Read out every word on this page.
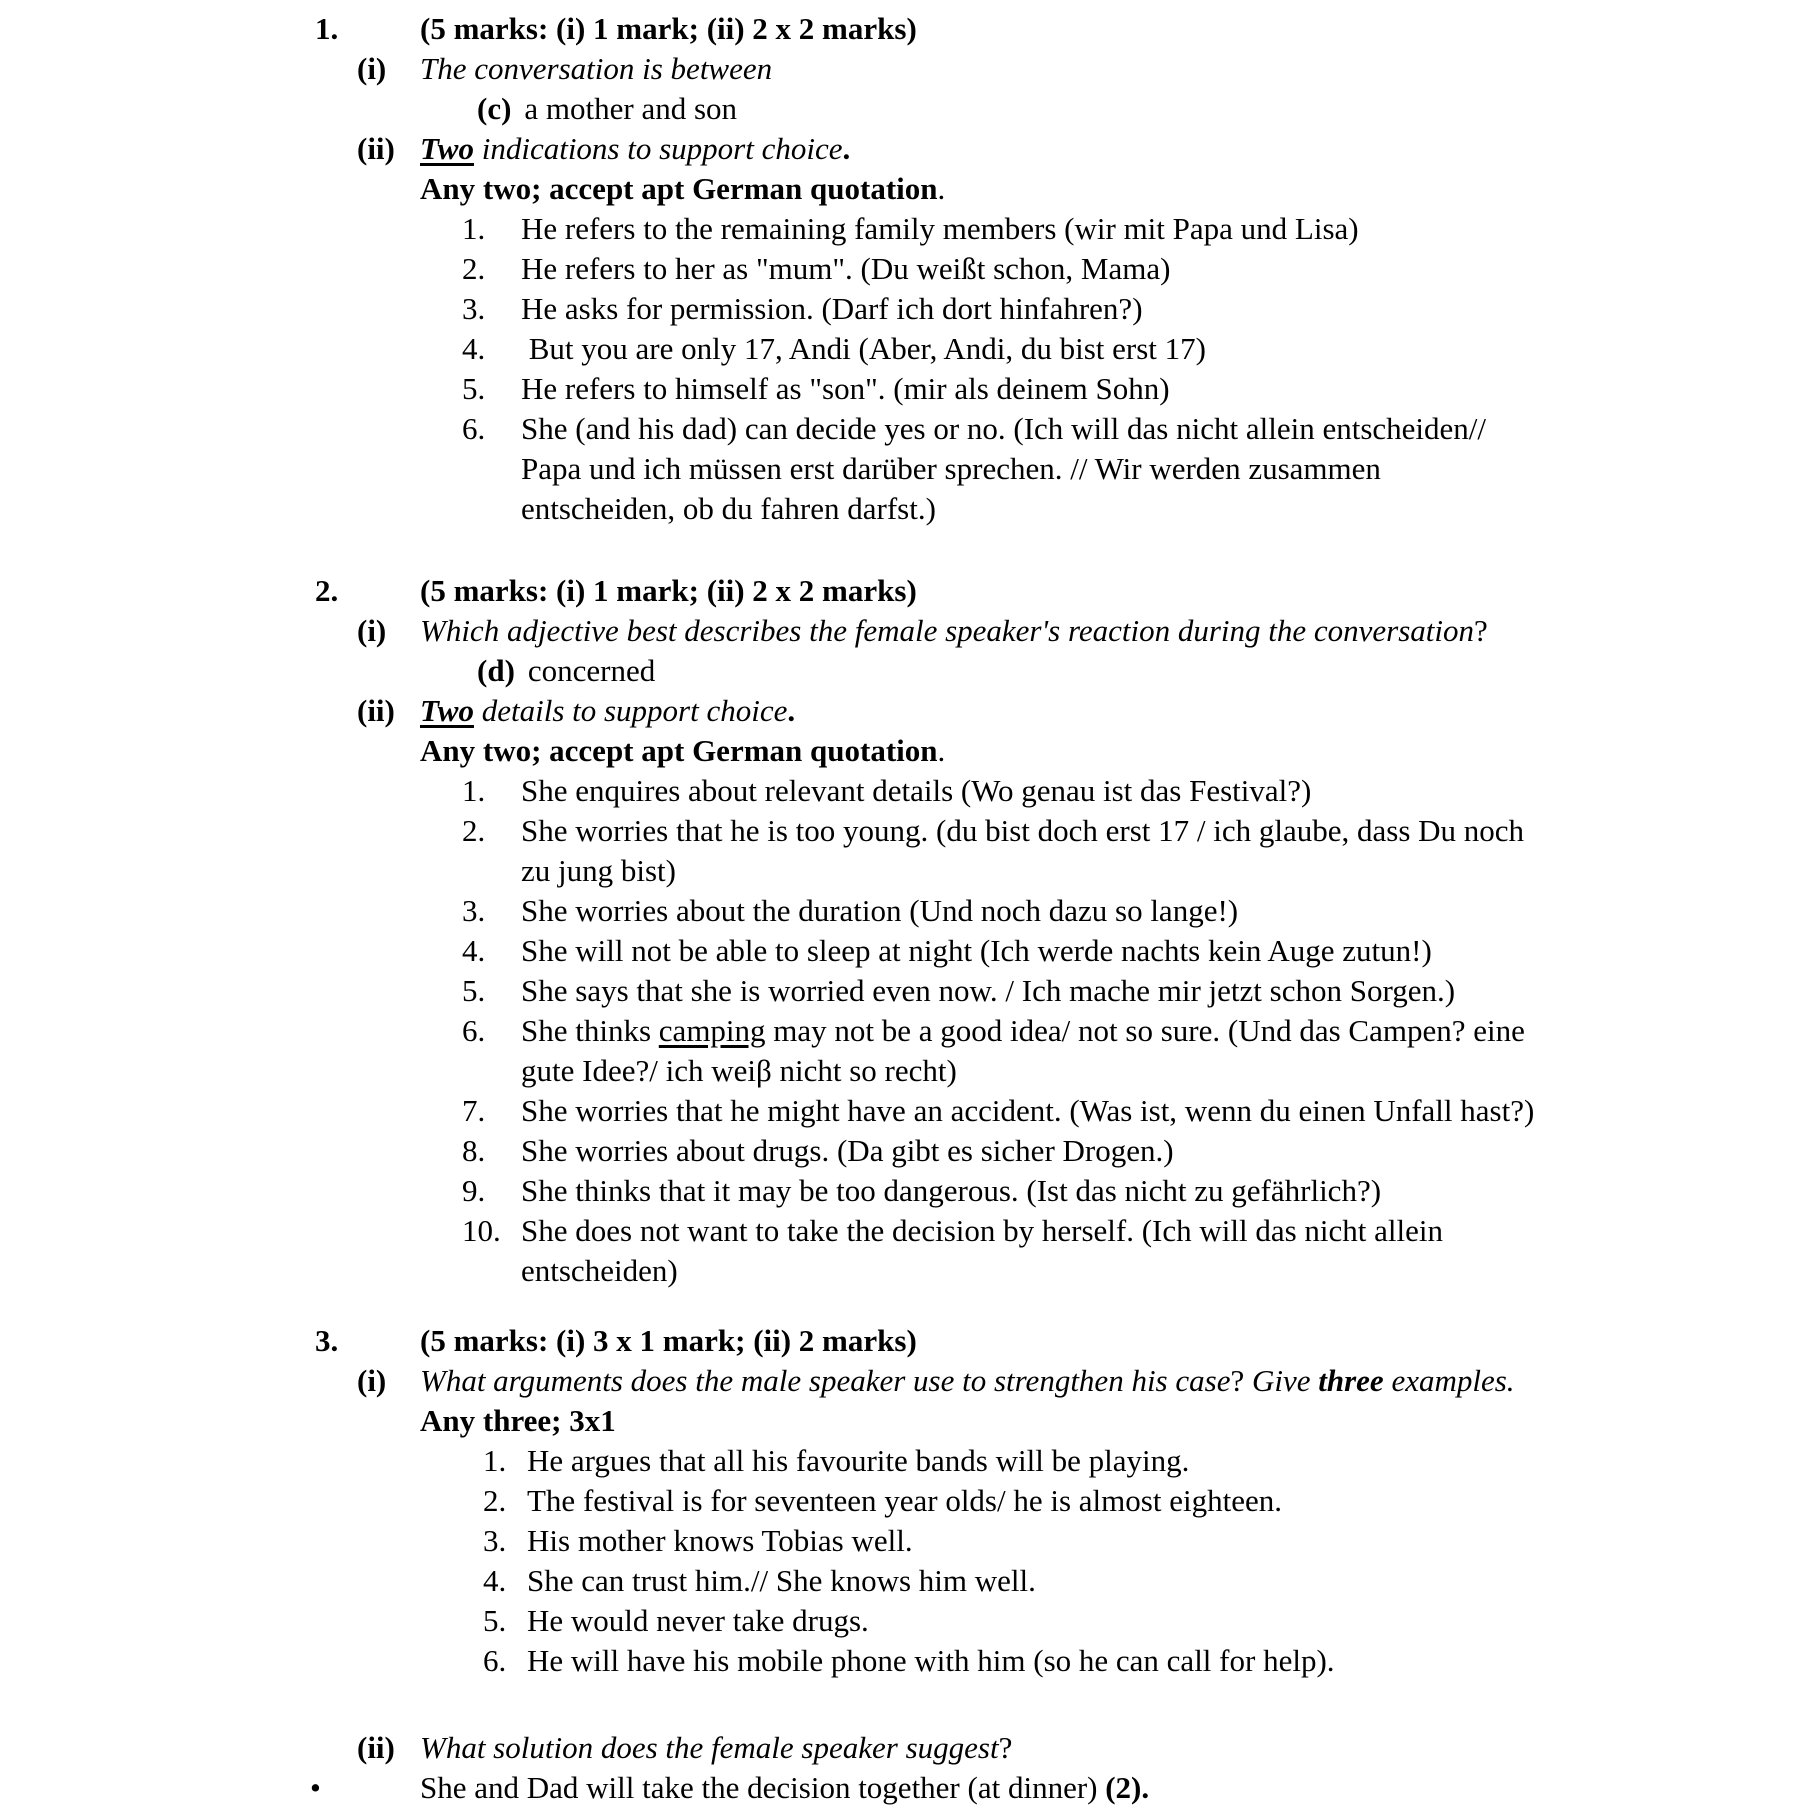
1.	(5 marks: (i) 1 mark; (ii) 2 x 2 marks)
(i)	The conversation is between
(c) a mother and son
(ii) Two indications to support choice.
Any two; accept apt German quotation.
1.	He refers to the remaining family members (wir mit Papa und Lisa)
2.	He refers to her as "mum". (Du weißt schon, Mama)
3.	He asks for permission. (Darf ich dort hinfahren?)
4.	But you are only 17, Andi (Aber, Andi, du bist erst 17)
5.	He refers to himself as "son". (mir als deinem Sohn)
6.	She (and his dad) can decide yes or no. (Ich will das nicht allein entscheiden//
Papa und ich müssen erst darüber sprechen. // Wir werden zusammen
entscheiden, ob du fahren darfst.)
2.	(5 marks: (i) 1 mark; (ii) 2 x 2 marks)
(i)	Which adjective best describes the female speaker's reaction during the conversation?
(d) concerned
(ii) Two details to support choice.
Any two; accept apt German quotation.
1.	She enquires about relevant details (Wo genau ist das Festival?)
2.	She worries that he is too young. (du bist doch erst 17 / ich glaube, dass Du noch
zu jung bist)
3.	She worries about the duration (Und noch dazu so lange!)
4.	She will not be able to sleep at night (Ich werde nachts kein Auge zutun!)
5.	She says that she is worried even now. / Ich mache mir jetzt schon Sorgen.)
6.	She thinks camping may not be a good idea/ not so sure. (Und das Campen? eine
gute Idee?/ ich weiβ nicht so recht)
7.	She worries that he might have an accident. (Was ist, wenn du einen Unfall hast?)
8.	She worries about drugs. (Da gibt es sicher Drogen.)
9.	She thinks that it may be too dangerous. (Ist das nicht zu gefährlich?)
10. She does not want to take the decision by herself. (Ich will das nicht allein
entscheiden)
3.	(5 marks: (i) 3 x 1 mark; (ii) 2 marks)
(i)	What arguments does the male speaker use to strengthen his case? Give three examples.
Any three; 3x1
1. He argues that all his favourite bands will be playing.
2. The festival is for seventeen year olds/ he is almost eighteen.
3. His mother knows Tobias well.
4. She can trust him.// She knows him well.
5. He would never take drugs.
6. He will have his mobile phone with him (so he can call for help).
(ii) What solution does the female speaker suggest?
•	She and Dad will take the decision together (at dinner) (2).
